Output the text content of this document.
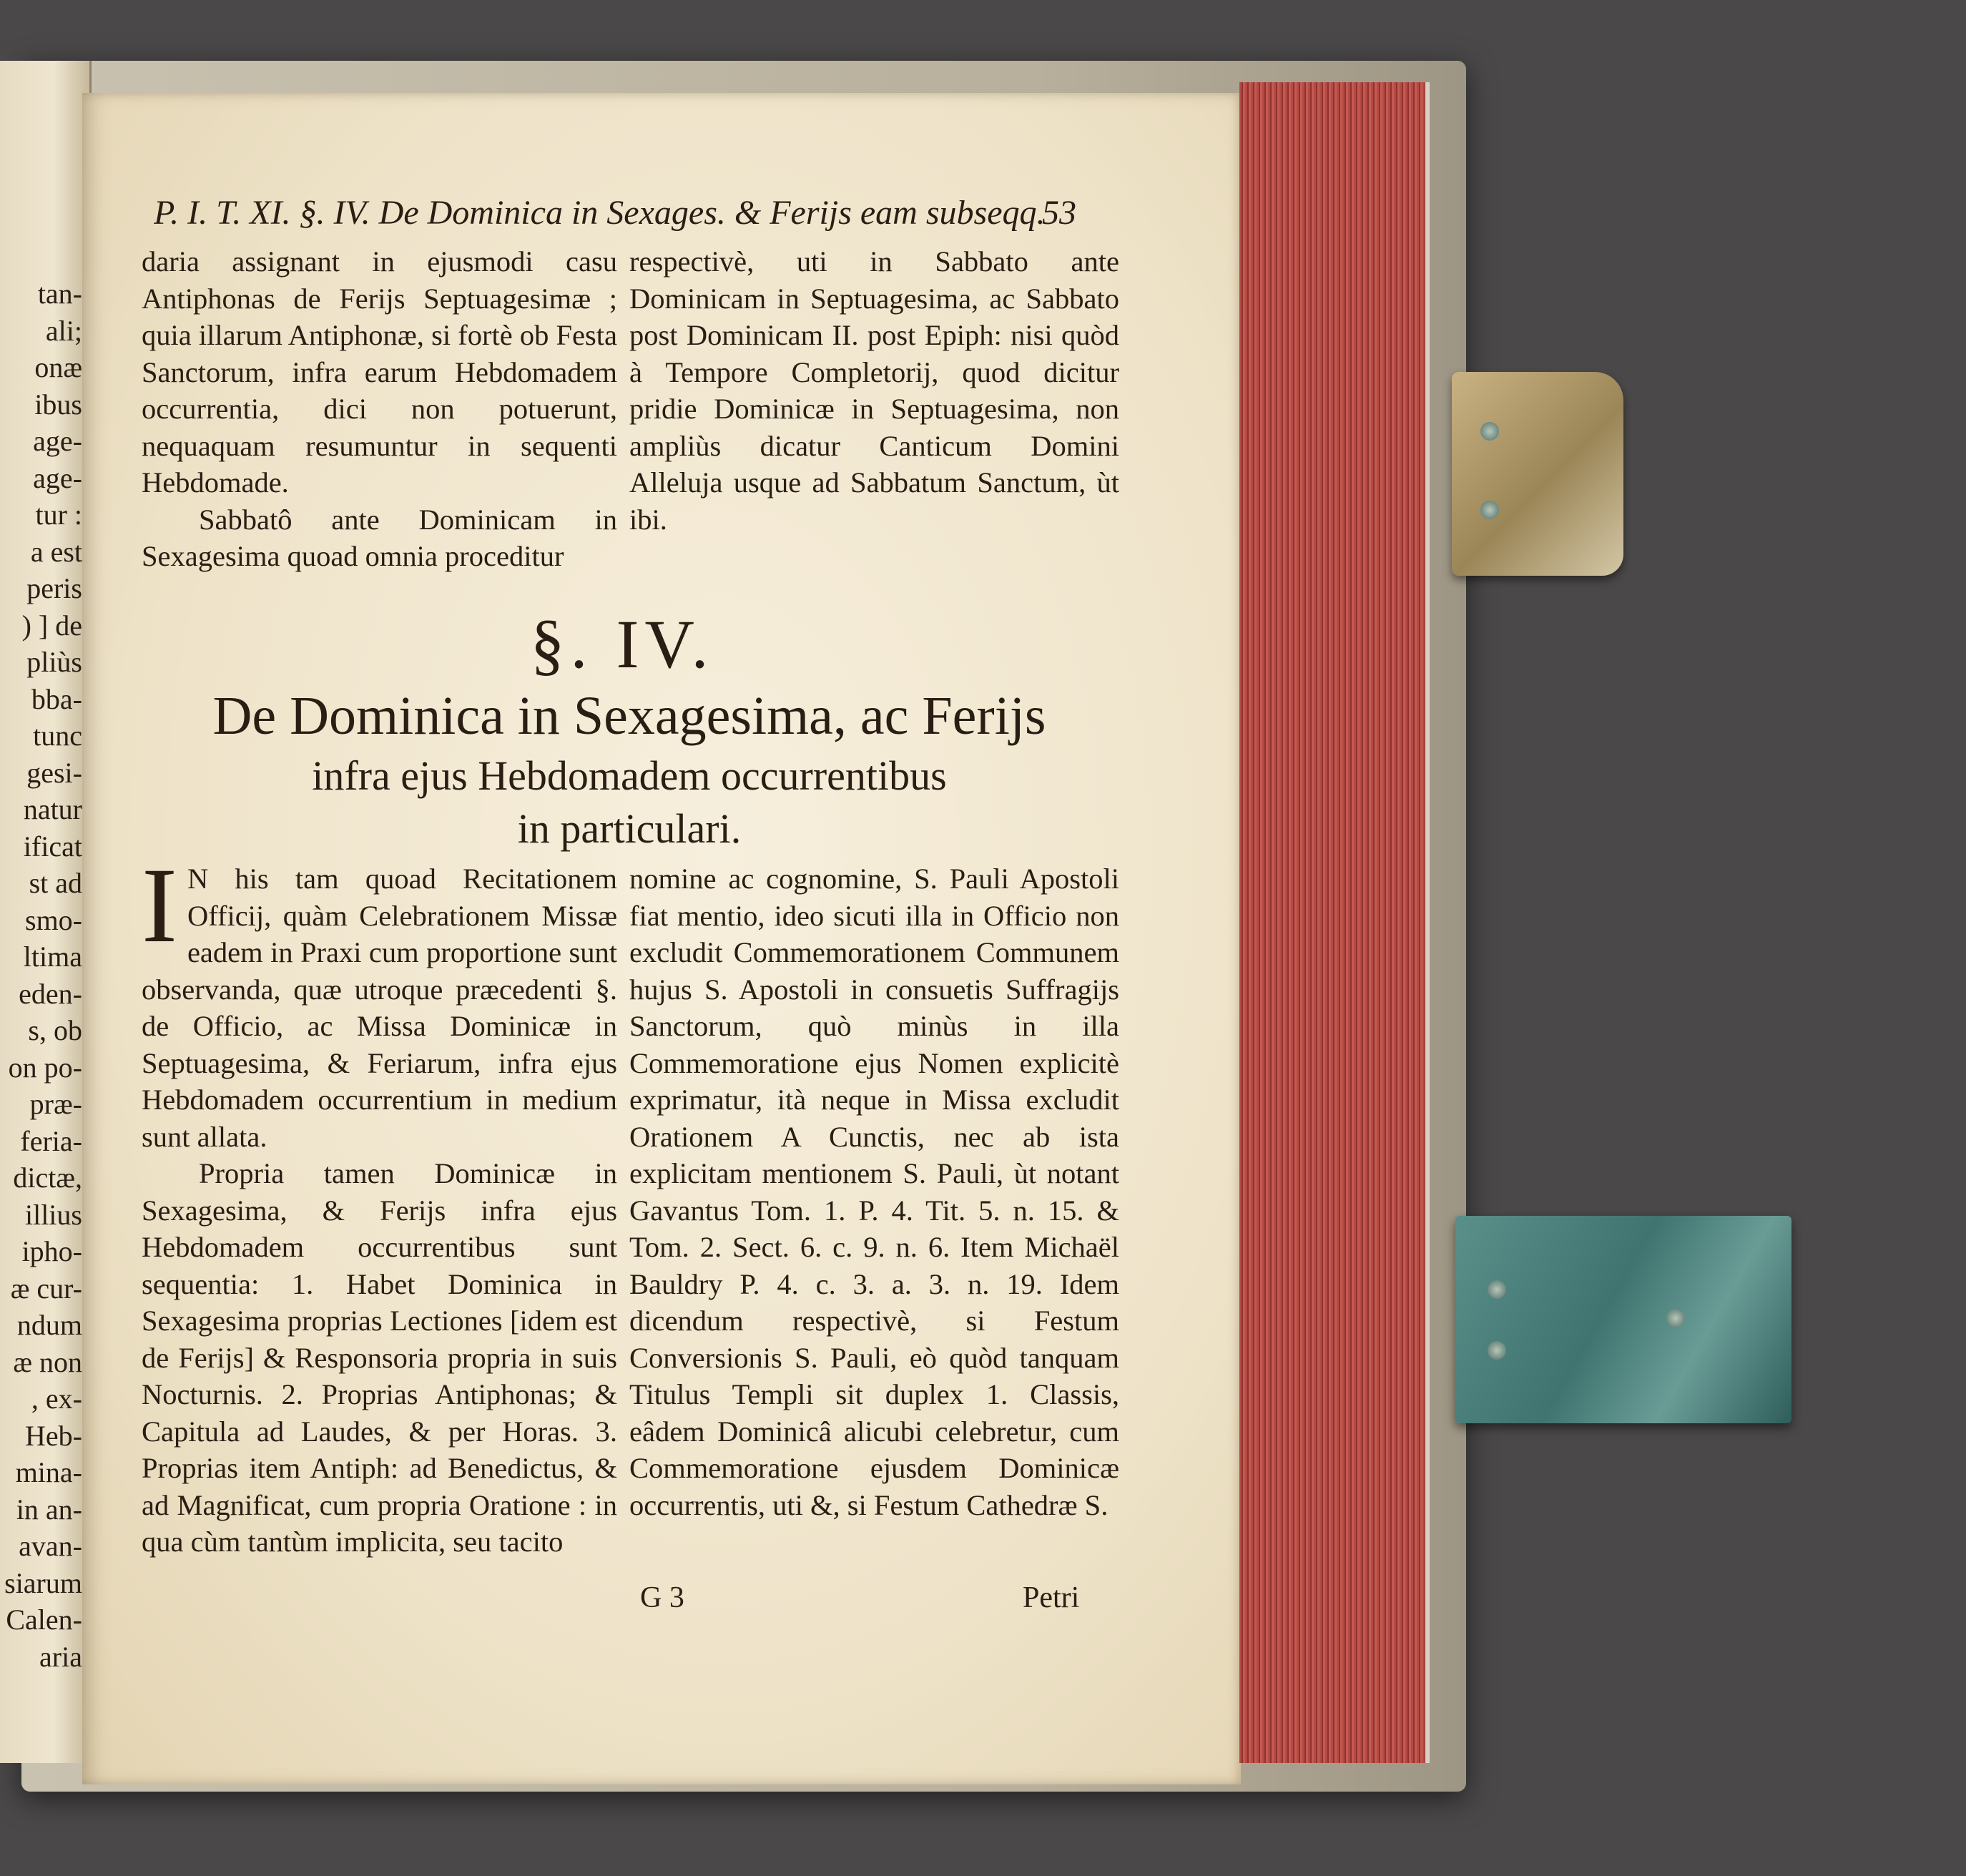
tan-
ali;
onæ
ibus
age-
age-
tur :
a est
peris
) ] de
pliùs
bba-
tunc
gesi-
natur
ificat
st ad
smo-
ltima
eden-
s, ob
on po-
præ-
feria-
dictæ,
illius
ipho-
æ cur-
ndum
æ non
, ex-
Heb-
mina-
in an-
avan-
siarum
Calen-
aria
P. I. T. XI. §. IV. De Dominica in Sexages. & Ferijs eam subseqq.
53

daria assignant in ejusmodi casu Antiphonas de Ferijs Septuagesimæ ; quia illarum Antiphonæ, si fortè ob Festa Sanctorum, infra earum Hebdomadem occurrentia, dici non potuerunt, nequaquam resumuntur in sequenti Hebdomade.

Sabbatô ante Dominicam in Sexagesima quoad omnia proceditur

respectivè, uti in Sabbato ante Dominicam in Septuagesima, ac Sabbato post Dominicam II. post Epiph: nisi quòd à Tempore Completorij, quod dicitur pridie Dominicæ in Septuagesima, non ampliùs dicatur Canticum Domini Alleluja usque ad Sabbatum Sanctum, ùt ibi.

§. IV.
De Dominica in Sexagesima, ac Ferijs
infra ejus Hebdomadem occurrentibus
in particulari.

I N his tam quoad Recitationem Officij, quàm Celebrationem Missæ eadem in Praxi cum proportione sunt observanda, quæ utroque præcedenti §. de Officio, ac Missa Dominicæ in Septuagesima, & Feriarum, infra ejus Hebdomadem occurrentium in medium sunt allata.

Propria tamen Dominicæ in Sexagesima, & Ferijs infra ejus Hebdomadem occurrentibus sunt sequentia: 1. Habet Dominica in Sexagesima proprias Lectiones [idem est de Ferijs] & Responsoria propria in suis Nocturnis. 2. Proprias Antiphonas; & Capitula ad Laudes, & per Horas. 3. Proprias item Antiph: ad Benedictus, & ad Magnificat, cum propria Oratione : in qua cùm tantùm implicita, seu tacito

nomine ac cognomine, S. Pauli Apostoli fiat mentio, ideo sicuti illa in Officio non excludit Commemorationem Communem hujus S. Apostoli in consuetis Suffragijs Sanctorum, quò minùs in illa Commemoratione ejus Nomen explicitè exprimatur, ità neque in Missa excludit Orationem A Cunctis, nec ab ista explicitam mentionem S. Pauli, ùt notant Gavantus Tom. 1. P. 4. Tit. 5. n. 15. & Tom. 2. Sect. 6. c. 9. n. 6. Item Michaël Bauldry P. 4. c. 3. a. 3. n. 19. Idem dicendum respectivè, si Festum Conversionis S. Pauli, eò quòd tanquam Titulus Templi sit duplex 1. Classis, eâdem Dominicâ alicubi celebretur, cum Commemoratione ejusdem Dominicæ occurrentis, uti &, si Festum Cathedræ S.

G 3	Petri
